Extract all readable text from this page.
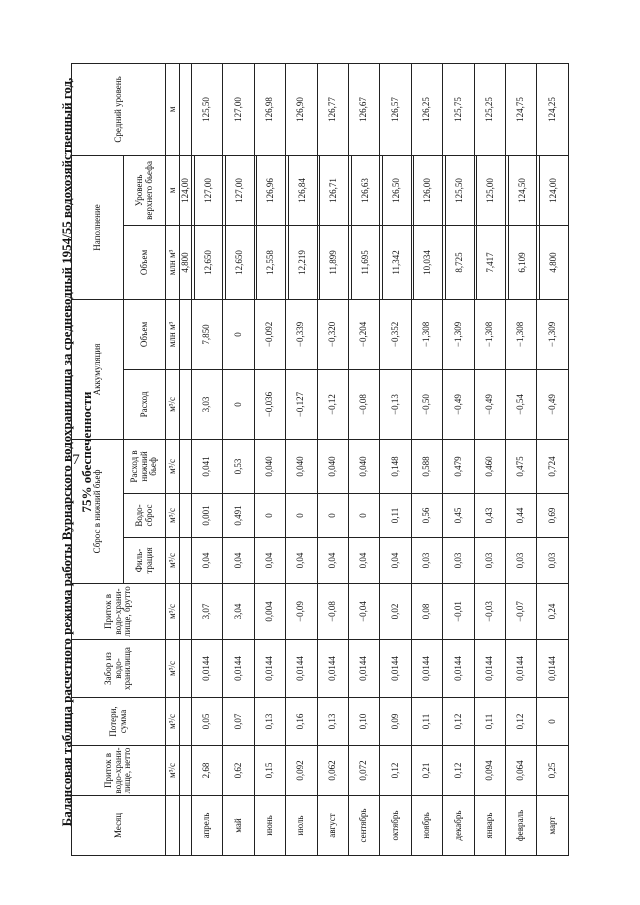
7
Балансовая таблица расчетного режима работы Вурнарского водохранилища за средневодный 1954/55 водохозяйственный год, 75% обеспеченности
Месяц	Приток в водо-храни-лище, нетто	Потери, сумма	Забор из водо-хранилища	Приток в водо-храни-лище, брутто	Сброс в нижний бьеф			Аккумуляция		Наполнение		Средний уровень
					Филь-трация	Водо-сброс	Расход в нижний бьеф	Расход	Объем	Объем	Уровень верхнего бьефа	
	м³/с	м³/с	м³/с	м³/с	м³/с	м³/с	м³/с	м³/с	млн м³	млн м³	м	м
										4,800	124,00	
апрель	2,68	0,05	0,0144	3,07	0,04	0,001	0,041	3,03	7,850			125,50
										12,650	127,00	
май	0,62	0,07	0,0144	3,04	0,04	0,491	0,53	0	0			127,00
										12,650	127,00	
июнь	0,15	0,13	0,0144	0,004	0,04	0	0,040	−0,036	−0,092			126,98
										12,558	126,96	
июль	0,092	0,16	0,0144	−0,09	0,04	0	0,040	−0,127	−0,339			126,90
										12,219	126,84	
август	0,062	0,13	0,0144	−0,08	0,04	0	0,040	−0,12	−0,320			126,77
										11,899	126,71	
сентябрь	0,072	0,10	0,0144	−0,04	0,04	0	0,040	−0,08	−0,204			126,67
										11,695	126,63	
октябрь	0,12	0,09	0,0144	0,02	0,04	0,11	0,148	−0,13	−0,352			126,57
										11,342	126,50	
ноябрь	0,21	0,11	0,0144	0,08	0,03	0,56	0,588	−0,50	−1,308			126,25
										10,034	126,00	
декабрь	0,12	0,12	0,0144	−0,01	0,03	0,45	0,479	−0,49	−1,309			125,75
										8,725	125,50	
январь	0,094	0,11	0,0144	−0,03	0,03	0,43	0,460	−0,49	−1,308			125,25
										7,417	125,00	
февраль	0,064	0,12	0,0144	−0,07	0,03	0,44	0,475	−0,54	−1,308			124,75
										6,109	124,50	
март	0,25	0	0,0144	0,24	0,03	0,69	0,724	−0,49	−1,309			124,25
										4,800	124,00	
